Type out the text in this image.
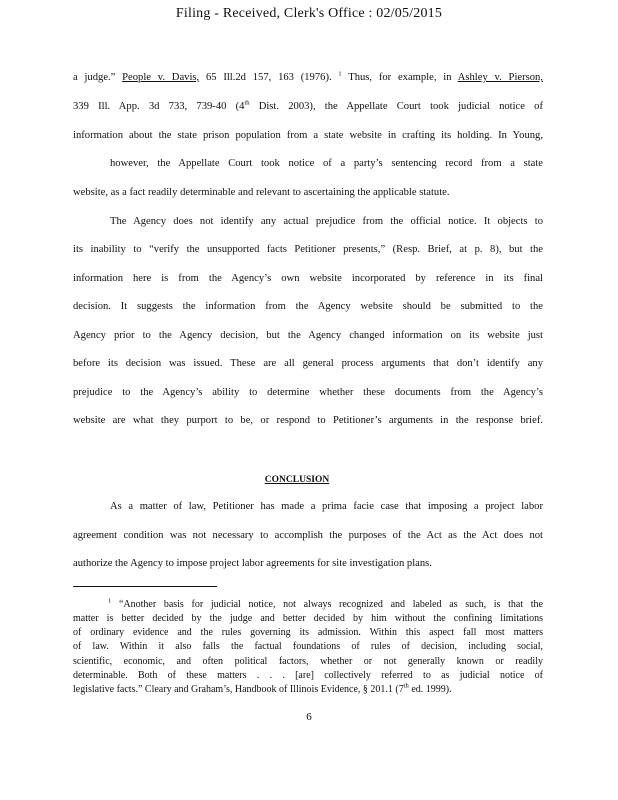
Filing - Received, Clerk's Office : 02/05/2015
a judge.” People v. Davis, 65 Ill.2d 157, 163 (1976). $^1$ Thus, for example, in Ashley v. Pierson,
339 Ill. App. 3d 733, 739-40 (4th Dist. 2003), the Appellate Court took judicial notice of
information about the state prison population from a state website in crafting its holding. In Young,
however, the Appellate Court took notice of a party’s sentencing record from a state
website, as a fact readily determinable and relevant to ascertaining the applicable statute.
The Agency does not identify any actual prejudice from the official notice. It objects to
its inability to “verify the unsupported facts Petitioner presents,” (Resp. Brief, at p. 8), but the
information here is from the Agency’s own website incorporated by reference in its final
decision. It suggests the information from the Agency website should be submitted to the
Agency prior to the Agency decision, but the Agency changed information on its website just
before its decision was issued. These are all general process arguments that don’t identify any
prejudice to the Agency’s ability to determine whether these documents from the Agency’s
website are what they purport to be, or respond to Petitioner’s arguments in the response brief.
CONCLUSION
As a matter of law, Petitioner has made a prima facie case that imposing a project labor
agreement condition was not necessary to accomplish the purposes of the Act as the Act does not
authorize the Agency to impose project labor agreements for site investigation plans.
$^1$ “Another basis for judicial notice, not always recognized and labeled as such, is that the
matter is better decided by the judge and better decided by him without the confining limitations
of ordinary evidence and the rules governing its admission. Within this aspect fall most matters
of law. Within it also falls the factual foundations of rules of decision, including social,
scientific, economic, and often political factors, whether or not generally known or readily
determinable. Both of these matters . . . [are] collectively referred to as judicial notice of
legislative facts.” Cleary and Graham’s, Handbook of Illinois Evidence, § 201.1 (7th ed. 1999).
6
